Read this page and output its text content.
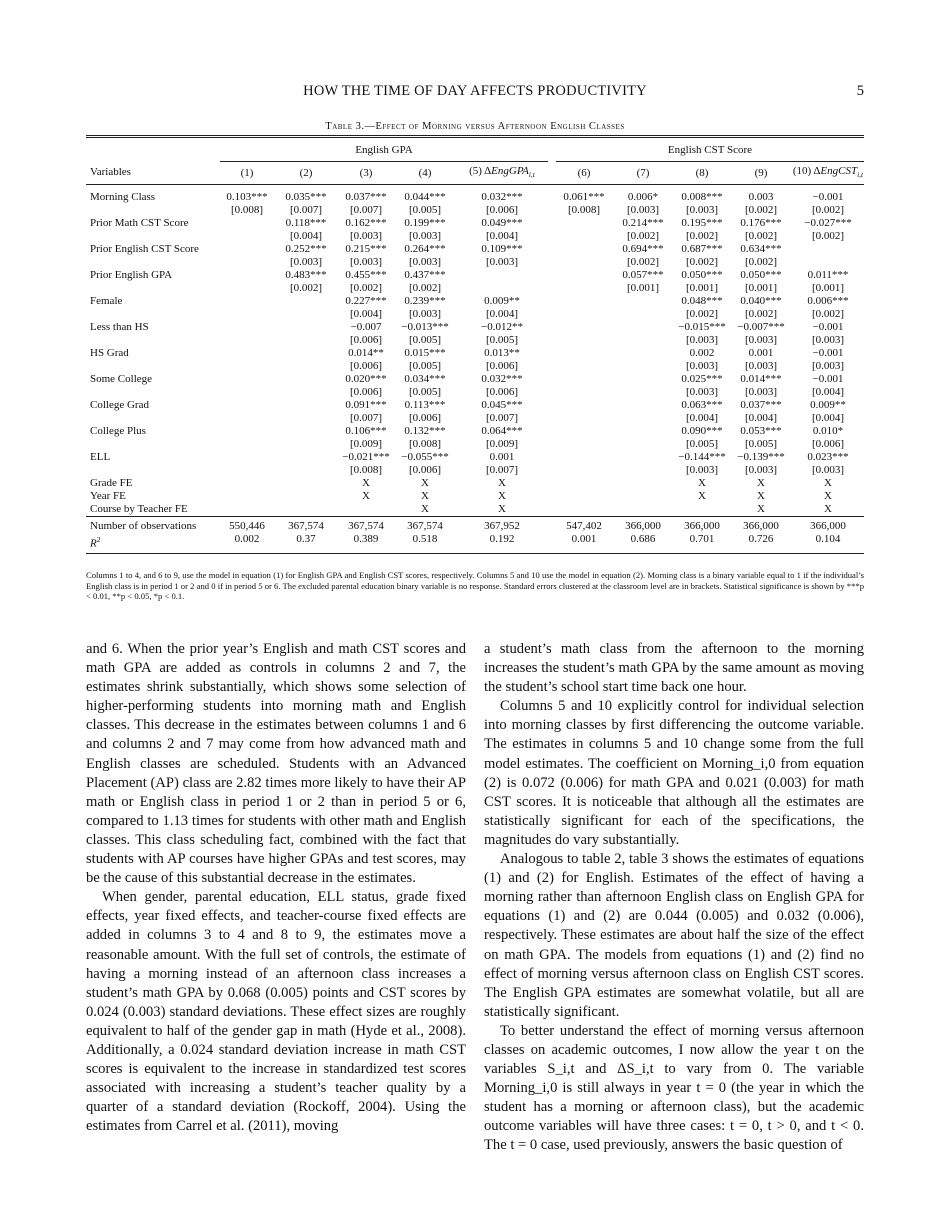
HOW THE TIME OF DAY AFFECTS PRODUCTIVITY	5
Table 3.—Effect of Morning versus Afternoon English Classes

	English GPA						English CST Score				
Variables	(1)	(2)	(3)	(4)	(5) ΔEngGPA$_{i,t}$		(6)	(7)	(8)	(9)	(10) ΔEngCST$_{i,t}$
Morning Class	0.103***	0.035***	0.037***	0.044***	0.032***		0.061***	0.006*	0.008***	0.003	−0.001
	[0.008]	[0.007]	[0.007]	[0.005]	[0.006]		[0.008]	[0.003]	[0.003]	[0.002]	[0.002]
Prior Math CST Score		0.118***	0.162***	0.199***	0.049***			0.214***	0.195***	0.176***	−0.027***
		[0.004]	[0.003]	[0.003]	[0.004]			[0.002]	[0.002]	[0.002]	[0.002]
Prior English CST Score		0.252***	0.215***	0.264***	0.109***			0.694***	0.687***	0.634***	
		[0.003]	[0.003]	[0.003]	[0.003]			[0.002]	[0.002]	[0.002]	
Prior English GPA		0.483***	0.455***	0.437***				0.057***	0.050***	0.050***	0.011***
		[0.002]	[0.002]	[0.002]				[0.001]	[0.001]	[0.001]	[0.001]
Female			0.227***	0.239***	0.009**				0.048***	0.040***	0.006***
			[0.004]	[0.003]	[0.004]				[0.002]	[0.002]	[0.002]
Less than HS			−0.007	−0.013***	−0.012**				−0.015***	−0.007***	−0.001
			[0.006]	[0.005]	[0.005]				[0.003]	[0.003]	[0.003]
HS Grad			0.014**	0.015***	0.013**				0.002	0.001	−0.001
			[0.006]	[0.005]	[0.006]				[0.003]	[0.003]	[0.003]
Some College			0.020***	0.034***	0.032***				0.025***	0.014***	−0.001
			[0.006]	[0.005]	[0.006]				[0.003]	[0.003]	[0.004]
College Grad			0.091***	0.113***	0.045***				0.063***	0.037***	0.009**
			[0.007]	[0.006]	[0.007]				[0.004]	[0.004]	[0.004]
College Plus			0.106***	0.132***	0.064***				0.090***	0.053***	0.010*
			[0.009]	[0.008]	[0.009]				[0.005]	[0.005]	[0.006]
ELL			−0.021***	−0.055***	0.001				−0.144***	−0.139***	0.023***
			[0.008]	[0.006]	[0.007]				[0.003]	[0.003]	[0.003]
Grade FE			X	X	X				X	X	X
Year FE			X	X	X				X	X	X
Course by Teacher FE				X	X					X	X

Number of observations	550,446	367,574	367,574	367,574	367,952		547,402	366,000	366,000	366,000	366,000
$R^2$	0.002	0.37	0.389	0.518	0.192		0.001	0.686	0.701	0.726	0.104
Columns 1 to 4, and 6 to 9, use the model in equation (1) for English GPA and English CST scores, respectively. Columns 5 and 10 use the model in equation (2). Morning class is a binary variable equal to 1 if the individual’s English class is in period 1 or 2 and 0 if in period 5 or 6. The excluded parental education binary variable is no response. Standard errors clustered at the classroom level are in brackets. Statistical significance is shown by ***p < 0.01, **p < 0.05, *p < 0.1.

and 6. When the prior year’s English and math CST scores and math GPA are added as controls in columns 2 and 7, the estimates shrink substantially, which shows some selection of higher-performing students into morning math and English classes. This decrease in the estimates between columns 1 and 6 and columns 2 and 7 may come from how advanced math and English classes are scheduled. Students with an Advanced Placement (AP) class are 2.82 times more likely to have their AP math or English class in period 1 or 2 than in period 5 or 6, compared to 1.13 times for students with other math and English classes. This class scheduling fact, combined with the fact that students with AP courses have higher GPAs and test scores, may be the cause of this substantial decrease in the estimates.

When gender, parental education, ELL status, grade fixed effects, year fixed effects, and teacher-course fixed effects are added in columns 3 to 4 and 8 to 9, the estimates move a reasonable amount. With the full set of controls, the estimate of having a morning instead of an afternoon class increases a student’s math GPA by 0.068 (0.005) points and CST scores by 0.024 (0.003) standard deviations. These effect sizes are roughly equivalent to half of the gender gap in math (Hyde et al., 2008). Additionally, a 0.024 standard deviation increase in math CST scores is equivalent to the increase in standardized test scores associated with increasing a student’s teacher quality by a quarter of a standard deviation (Rockoff, 2004). Using the estimates from Carrel et al. (2011), moving

a student’s math class from the afternoon to the morning increases the student’s math GPA by the same amount as moving the student’s school start time back one hour.

Columns 5 and 10 explicitly control for individual selection into morning classes by first differencing the outcome variable. The estimates in columns 5 and 10 change some from the full model estimates. The coefficient on Morning_i,0 from equation (2) is 0.072 (0.006) for math GPA and 0.021 (0.003) for math CST scores. It is noticeable that although all the estimates are statistically significant for each of the specifications, the magnitudes do vary substantially.

Analogous to table 2, table 3 shows the estimates of equations (1) and (2) for English. Estimates of the effect of having a morning rather than afternoon English class on English GPA for equations (1) and (2) are 0.044 (0.005) and 0.032 (0.006), respectively. These estimates are about half the size of the effect on math GPA. The models from equations (1) and (2) find no effect of morning versus afternoon class on English CST scores. The English GPA estimates are somewhat volatile, but all are statistically significant.

To better understand the effect of morning versus afternoon classes on academic outcomes, I now allow the year t on the variables S_i,t and ΔS_i,t to vary from 0. The variable Morning_i,0 is still always in year t = 0 (the year in which the student has a morning or afternoon class), but the academic outcome variables will have three cases: t = 0, t > 0, and t < 0. The t = 0 case, used previously, answers the basic question of
